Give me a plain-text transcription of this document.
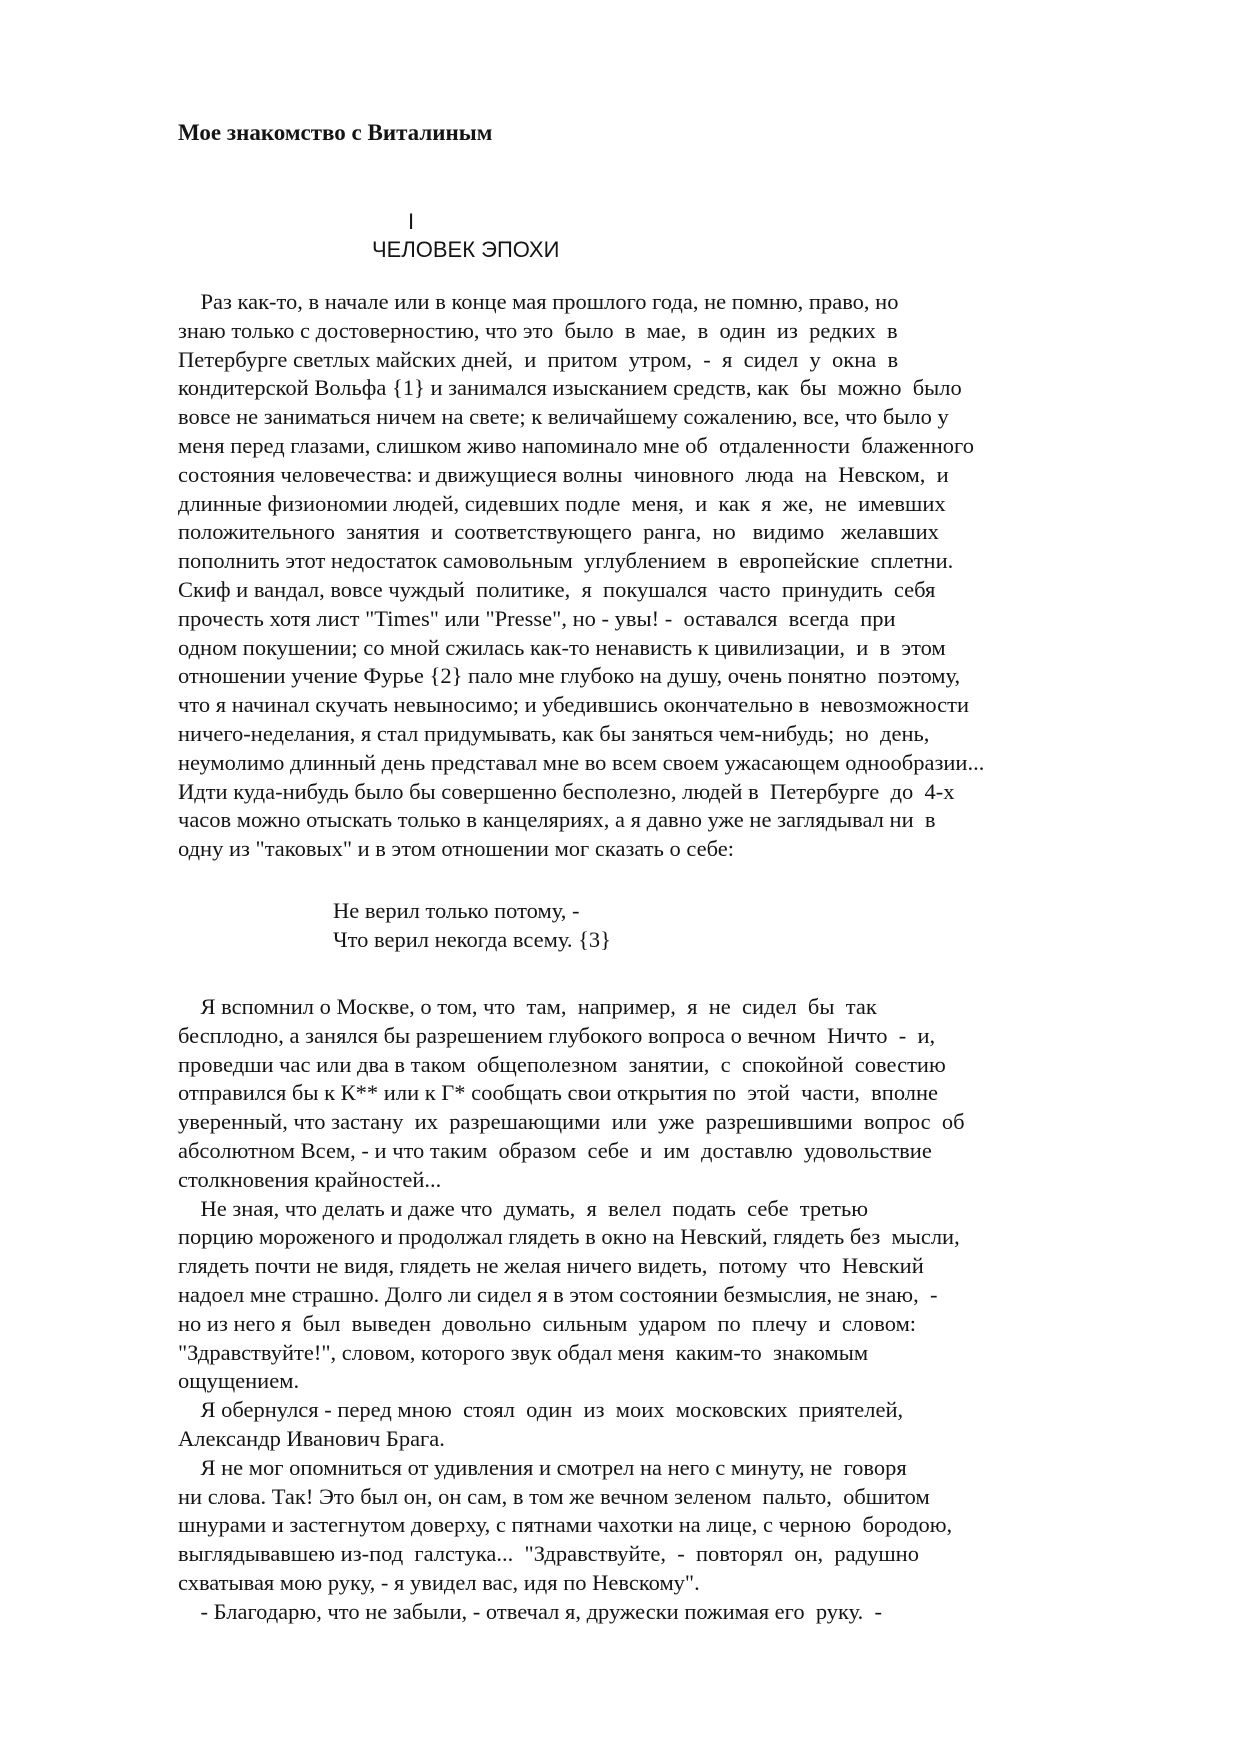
Мое знакомство с Виталиным
I
ЧЕЛОВЕК ЭПОХИ
Раз как-то, в начале или в конце мая прошлого года, не помню, право, но
знаю только с достоверностию, что это  было  в  мае,  в  один  из  редких  в
Петербурге светлых майских дней,  и  притом  утром,  -  я  сидел  у  окна  в
кондитерской Вольфа {1} и занимался изысканием средств, как  бы  можно  было
вовсе не заниматься ничем на свете; к величайшему сожалению, все, что было у
меня перед глазами, слишком живо напоминало мне об  отдаленности  блаженного
состояния человечества: и движущиеся волны  чиновного  люда  на  Невском,  и
длинные физиономии людей, сидевших подле  меня,  и  как  я  же,  не  имевших
положительного  занятия  и  соответствующего  ранга,  но   видимо   желавших
пополнить этот недостаток самовольным  углублением  в  европейские  сплетни.
Скиф и вандал, вовсе чуждый  политике,  я  покушался  часто  принудить  себя
прочесть хотя лист "Times" или "Presse", но - увы! -  оставался  всегда  при
одном покушении; со мной сжилась как-то ненависть к цивилизации,  и  в  этом
отношении учение Фурье {2} пало мне глубоко на душу, очень понятно  поэтому,
что я начинал скучать невыносимо; и убедившись окончательно в  невозможности
ничего-неделания, я стал придумывать, как бы заняться чем-нибудь;  но  день,
неумолимо длинный день представал мне во всем своем ужасающем однообразии...
Идти куда-нибудь было бы совершенно бесполезно, людей в  Петербурге  до  4-х
часов можно отыскать только в канцеляриях, а я давно уже не заглядывал ни  в
одну из "таковых" и в этом отношении мог сказать о себе:
Не верил только потому, -
Что верил некогда всему. {3}
Я вспомнил о Москве, о том, что  там,  например,  я  не  сидел  бы  так
бесплодно, а занялся бы разрешением глубокого вопроса о вечном  Ничто  -  и,
проведши час или два в таком  общеполезном  занятии,  с  спокойной  совестию
отправился бы к К** или к Г* сообщать свои открытия по  этой  части,  вполне
уверенный, что застану  их  разрешающими  или  уже  разрешившими  вопрос  об
абсолютном Всем, - и что таким  образом  себе  и  им  доставлю  удовольствие
столкновения крайностей...
Не зная, что делать и даже что  думать,  я  велел  подать  себе  третью
порцию мороженого и продолжал глядеть в окно на Невский, глядеть без  мысли,
глядеть почти не видя, глядеть не желая ничего видеть,  потому  что  Невский
надоел мне страшно. Долго ли сидел я в этом состоянии безмыслия, не знаю,  -
но из него я  был  выведен  довольно  сильным  ударом  по  плечу  и  словом:
"Здравствуйте!", словом, которого звук обдал меня  каким-то  знакомым
ощущением.
Я обернулся - перед мною  стоял  один  из  моих  московских  приятелей,
Александр Иванович Брага.
Я не мог опомниться от удивления и смотрел на него с минуту, не  говоря
ни слова. Так! Это был он, он сам, в том же вечном зеленом  пальто,  обшитом
шнурами и застегнутом доверху, с пятнами чахотки на лице, с черною  бородою,
выглядывавшею из-под  галстука...  "Здравствуйте,  -  повторял  он,  радушно
схватывая мою руку, - я увидел вас, идя по Невскому".
- Благодарю, что не забыли, - отвечал я, дружески пожимая его  руку.  -
